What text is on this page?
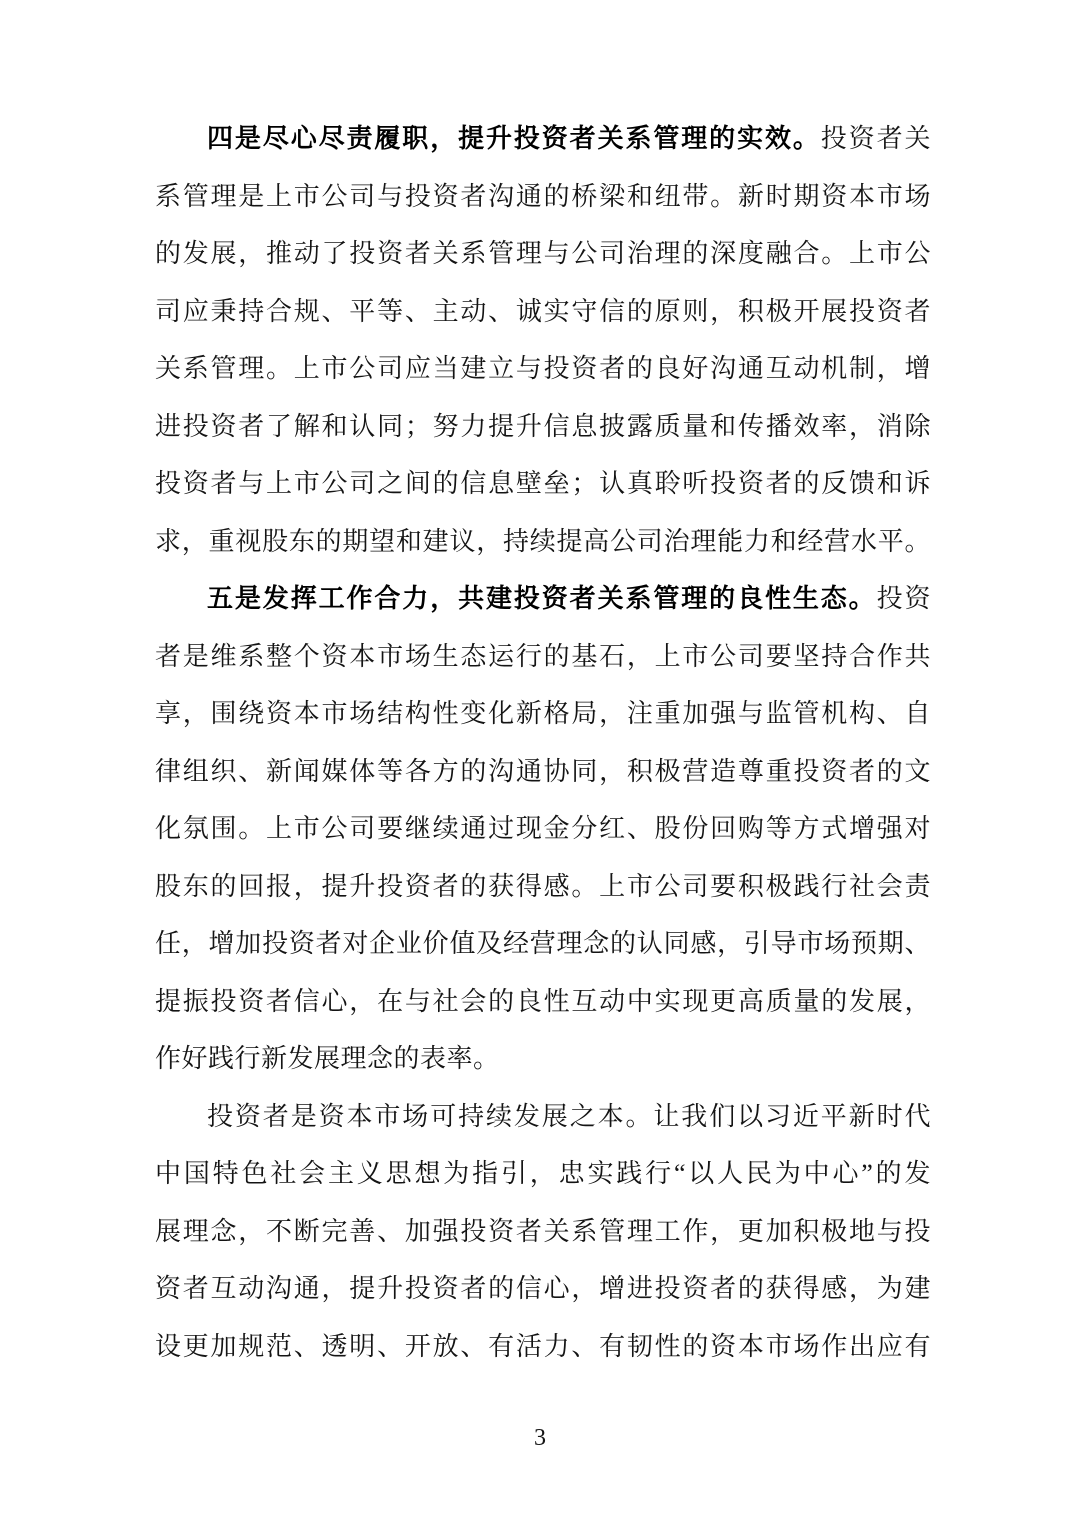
四是尽心尽责履职，提升投资者关系管理的实效。投资者关
系管理是上市公司与投资者沟通的桥梁和纽带。新时期资本市场
的发展，推动了投资者关系管理与公司治理的深度融合。上市公
司应秉持合规、平等、主动、诚实守信的原则，积极开展投资者
关系管理。上市公司应当建立与投资者的良好沟通互动机制，增
进投资者了解和认同；努力提升信息披露质量和传播效率，消除
投资者与上市公司之间的信息壁垒；认真聆听投资者的反馈和诉
求，重视股东的期望和建议，持续提高公司治理能力和经营水平。
五是发挥工作合力，共建投资者关系管理的良性生态。投资
者是维系整个资本市场生态运行的基石，上市公司要坚持合作共
享，围绕资本市场结构性变化新格局，注重加强与监管机构、自
律组织、新闻媒体等各方的沟通协同，积极营造尊重投资者的文
化氛围。上市公司要继续通过现金分红、股份回购等方式增强对
股东的回报，提升投资者的获得感。上市公司要积极践行社会责
任，增加投资者对企业价值及经营理念的认同感，引导市场预期、
提振投资者信心，在与社会的良性互动中实现更高质量的发展，
作好践行新发展理念的表率。
投资者是资本市场可持续发展之本。让我们以习近平新时代
中国特色社会主义思想为指引，忠实践行“以人民为中心”的发
展理念，不断完善、加强投资者关系管理工作，更加积极地与投
资者互动沟通，提升投资者的信心，增进投资者的获得感，为建
设更加规范、透明、开放、有活力、有韧性的资本市场作出应有
3
